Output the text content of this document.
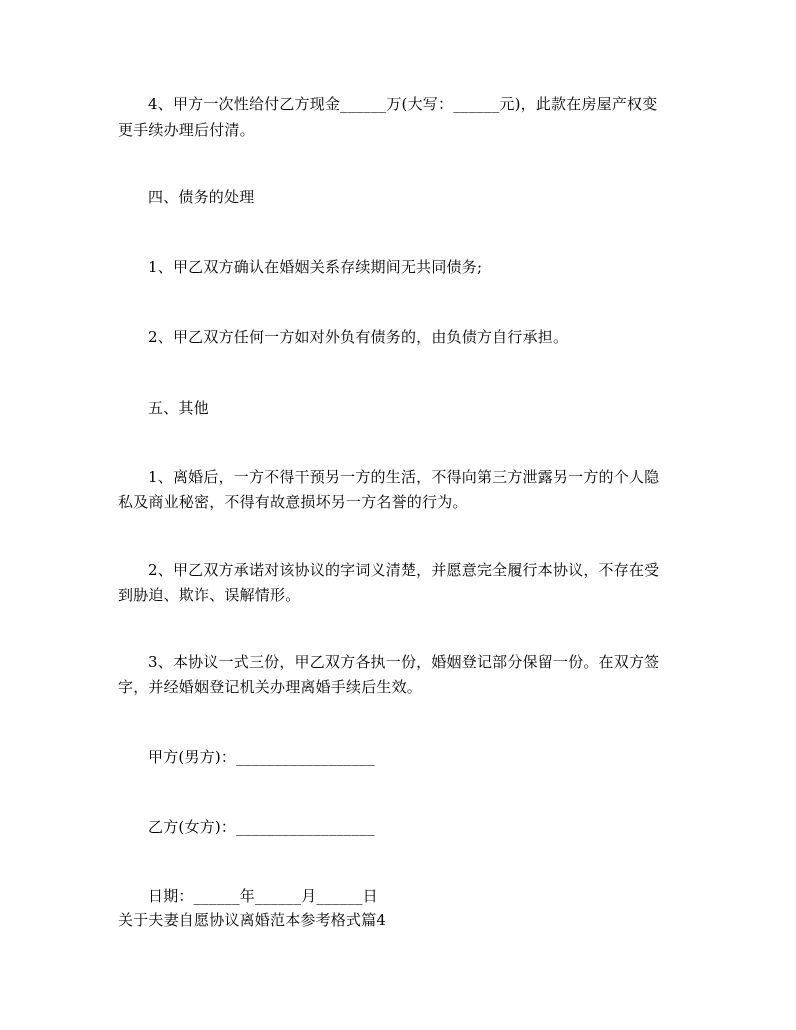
4、甲方一次性给付乙方现金______万(大写：______元)，此款在房屋产权变
更手续办理后付清。
四、债务的处理
1、甲乙双方确认在婚姻关系存续期间无共同债务;
2、甲乙双方任何一方如对外负有债务的，由负债方自行承担。
五、其他
1、离婚后，一方不得干预另一方的生活，不得向第三方泄露另一方的个人隐
私及商业秘密，不得有故意损坏另一方名誉的行为。
2、甲乙双方承诺对该协议的字词义清楚，并愿意完全履行本协议，不存在受
到胁迫、欺诈、误解情形。
3、本协议一式三份，甲乙双方各执一份，婚姻登记部分保留一份。在双方签
字，并经婚姻登记机关办理离婚手续后生效。
甲方(男方)：__________________
乙方(女方)：__________________
日期：______年______月______日
关于夫妻自愿协议离婚范本参考格式篇4
